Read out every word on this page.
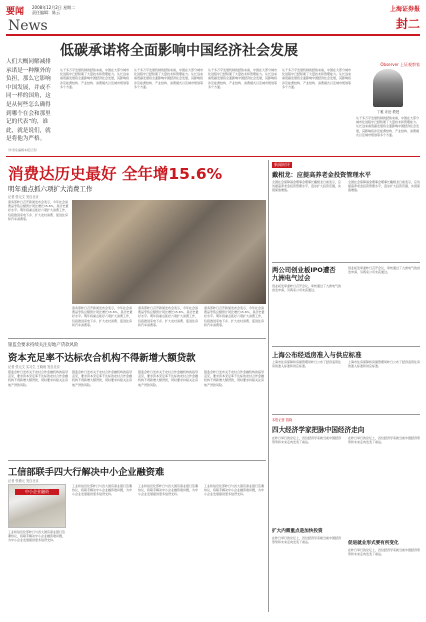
要闻 2008年12月2日 星期二
责任编辑：陈云
News
上海证券报
封二
低碳承诺将全面影响中国经济社会发展
人们大概同解减排承诺是一种额外的负担，那么它影响中国发展，并或不同一样的国角，这是从何些怎么确得到哪个在会和那里记的代表”的，谁此，就是说们，就是将他为严格。
（作者系编辑本报记者）
从千多万平发展机制的经验来看，中国在大部分城市化进程中已经积累了大量技术和管理能力。从长远来看低碳发展将全面影响中国经济社会发展，其影响将涉及能源结构、产业结构、消费模式以及城市规划等多个方面。
从千多万平发展机制的经验来看，中国在大部分城市化进程中已经积累了大量技术和管理能力。从长远来看低碳发展将全面影响中国经济社会发展，其影响将涉及能源结构、产业结构、消费模式以及城市规划等多个方面。
从千多万平发展机制的经验来看，中国在大部分城市化进程中已经积累了大量技术和管理能力。从长远来看低碳发展将全面影响中国经济社会发展，其影响将涉及能源结构、产业结构、消费模式以及城市规划等多个方面。
从千多万平发展机制的经验来看，中国在大部分城市化进程中已经积累了大量技术和管理能力。从长远来看低碳发展将全面影响中国经济社会发展，其影响将涉及能源结构、产业结构、消费模式以及城市规划等多个方面。
Observer 上证观察家
丁雅 评论 教授
从千多万平发展机制的经验来看，中国在大部分城市化进程中已经积累了大量技术和管理能力。从长远来看低碳发展将全面影响中国经济社会发展，其影响将涉及能源结构、产业结构、消费模式以及城市规划等多个方面。
消费达历史最好 全年增15.6%
明年重点抓六项扩大消费工作
记者 张元文 发自北京
商务部昨日召开新闻发布会表示，今年社会消费品零售总额预计同比增长15.6%，是历史最好水平。明年将重点抓好六项扩大消费工作，包括推进家电下乡、扩大农村消费、促进住房和汽车消费等。
商务部昨日召开新闻发布会表示，今年社会消费品零售总额预计同比增长15.6%，是历史最好水平。明年将重点抓好六项扩大消费工作，包括推进家电下乡、扩大农村消费、促进住房和汽车消费等。
商务部昨日召开新闻发布会表示，今年社会消费品零售总额预计同比增长15.6%，是历史最好水平。明年将重点抓好六项扩大消费工作，包括推进家电下乡、扩大农村消费、促进住房和汽车消费等。
商务部昨日召开新闻发布会表示，今年社会消费品零售总额预计同比增长15.6%，是历史最好水平。明年将重点抓好六项扩大消费工作，包括推进家电下乡、扩大农村消费、促进住房和汽车消费等。
新闻时评
戴相龙：应提高养老金投资管理水平
全国社会保障基金理事会理事长戴相龙日前表示，应该提高养老金投资管理水平，逐步扩大投资范围，实现保值增值。
全国社会保障基金理事会理事长戴相龙日前表示，应该提高养老金投资管理水平，逐步扩大投资范围，实现保值增值。
两公司创业板IPO遭否 九洲电气过会
创业板发审委昨日召开会议，审核通过了九洲电气的首发申请，另两家公司未获通过。
创业板发审委昨日召开会议，审核通过了九洲电气的首发申请，另两家公司未获通过。
上海公布经适房准入与供应标准
上海市住房保障和房屋管理局昨日公布了经济适用住房的准入标准和供应标准。
上海市住房保障和房屋管理局昨日公布了经济适用住房的准入标准和供应标准。
本报记者 钱晓
四大经济学家把脉中国经济走向
在昨日举行的论坛上，四位经济学家就当前中国经济形势和未来走向发表了看法。
扩大内需重点是加快投资
在昨日举行的论坛上，四位经济学家就当前中国经济形势和未来走向发表了看法。
在昨日举行的论坛上，四位经济学家就当前中国经济形势和未来走向发表了看法。
促进就业形式要有所变化
在昨日举行的论坛上，四位经济学家就当前中国经济形势和未来走向发表了看法。
银监会要求持续关注房地产贷款风险
资本充足率不达标农合机构不得新增大额贷款
记者 张元文 实习生 王晓雨 发自北京
银监会昨日发布关于农村合作金融机构的指导意见，要求资本充足率不达标的农村合作金融机构不得新增大额贷款，同时要求持续关注房地产贷款风险。
银监会昨日发布关于农村合作金融机构的指导意见，要求资本充足率不达标的农村合作金融机构不得新增大额贷款，同时要求持续关注房地产贷款风险。
银监会昨日发布关于农村合作金融机构的指导意见，要求资本充足率不达标的农村合作金融机构不得新增大额贷款，同时要求持续关注房地产贷款风险。
银监会昨日发布关于农村合作金融机构的指导意见，要求资本充足率不达标的农村合作金融机构不得新增大额贷款，同时要求持续关注房地产贷款风险。
工信部联手四大行解决中小企业融资难
记者 张敏元 发自北京
中小企业融资
工业和信息化部昨日与四大国有商业银行签署协议，将联手解决中小企业融资难问题，为中小企业发展提供更多信贷支持。
工业和信息化部昨日与四大国有商业银行签署协议，将联手解决中小企业融资难问题，为中小企业发展提供更多信贷支持。
工业和信息化部昨日与四大国有商业银行签署协议，将联手解决中小企业融资难问题，为中小企业发展提供更多信贷支持。
工业和信息化部昨日与四大国有商业银行签署协议，将联手解决中小企业融资难问题，为中小企业发展提供更多信贷支持。
